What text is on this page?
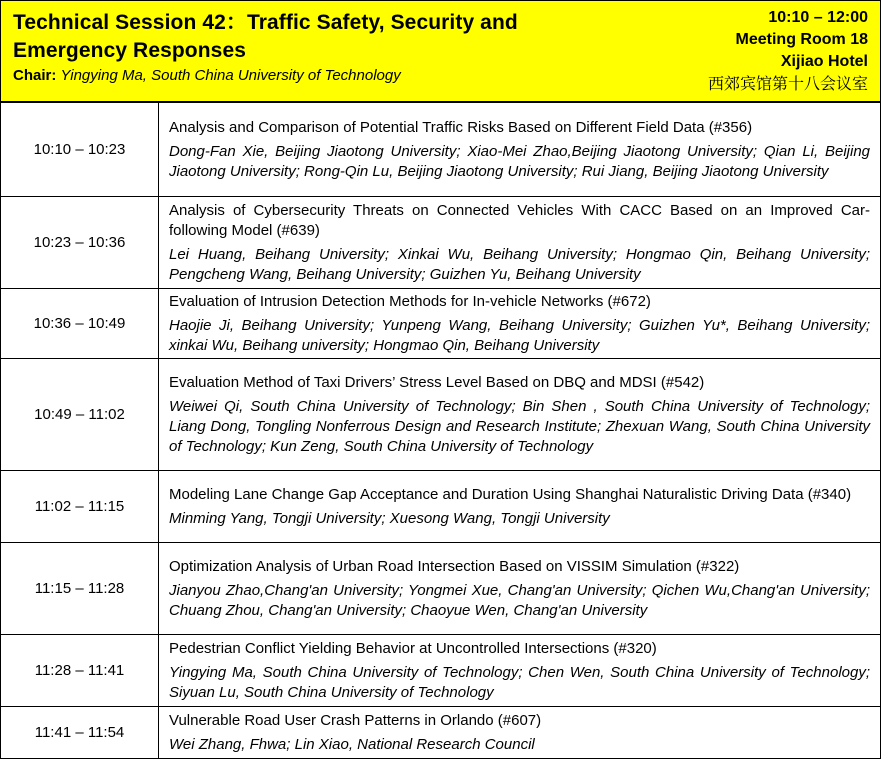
Technical Session 42：Traffic Safety, Security and Emergency Responses
Chair: Yingying Ma, South China University of Technology
10:10 – 12:00
Meeting Room 18
Xijiao Hotel
西郊宾馆第十八会议室
10:10 – 10:23	Analysis and Comparison of Potential Traffic Risks Based on Different Field Data (#356)
Dong-Fan Xie, Beijing Jiaotong University; Xiao-Mei Zhao,Beijing Jiaotong University; Qian Li, Beijing Jiaotong University; Rong-Qin Lu, Beijing Jiaotong University; Rui Jiang, Beijing Jiaotong University

10:23 – 10:36	Analysis of Cybersecurity Threats on Connected Vehicles With CACC Based on an Improved Car-following Model (#639)
Lei Huang, Beihang University; Xinkai Wu, Beihang University; Hongmao Qin, Beihang University; Pengcheng Wang, Beihang University; Guizhen Yu, Beihang University

10:36 – 10:49	Evaluation of Intrusion Detection Methods for In-vehicle Networks (#672)
Haojie Ji, Beihang University; Yunpeng Wang, Beihang University; Guizhen Yu*, Beihang University; xinkai Wu, Beihang university; Hongmao Qin, Beihang University

10:49 – 11:02	Evaluation Method of Taxi Drivers’ Stress Level Based on DBQ and MDSI (#542)
Weiwei Qi, South China University of Technology; Bin Shen , South China University of Technology; Liang Dong, Tongling Nonferrous Design and Research Institute; Zhexuan Wang, South China University of Technology; Kun Zeng, South China University of Technology

11:02 – 11:15	Modeling Lane Change Gap Acceptance and Duration Using Shanghai Naturalistic Driving Data (#340)
Minming Yang, Tongji University; Xuesong Wang, Tongji University

11:15 – 11:28	Optimization Analysis of Urban Road Intersection Based on VISSIM Simulation (#322)
Jianyou Zhao,Chang'an University; Yongmei Xue, Chang'an University; Qichen Wu,Chang'an University; Chuang Zhou, Chang'an University; Chaoyue Wen, Chang'an University

11:28 – 11:41	Pedestrian Conflict Yielding Behavior at Uncontrolled Intersections (#320)
Yingying Ma, South China University of Technology; Chen Wen, South China University of Technology; Siyuan Lu, South China University of Technology

11:41 – 11:54	Vulnerable Road User Crash Patterns in Orlando (#607)
Wei Zhang, Fhwa; Lin Xiao, National Research Council
